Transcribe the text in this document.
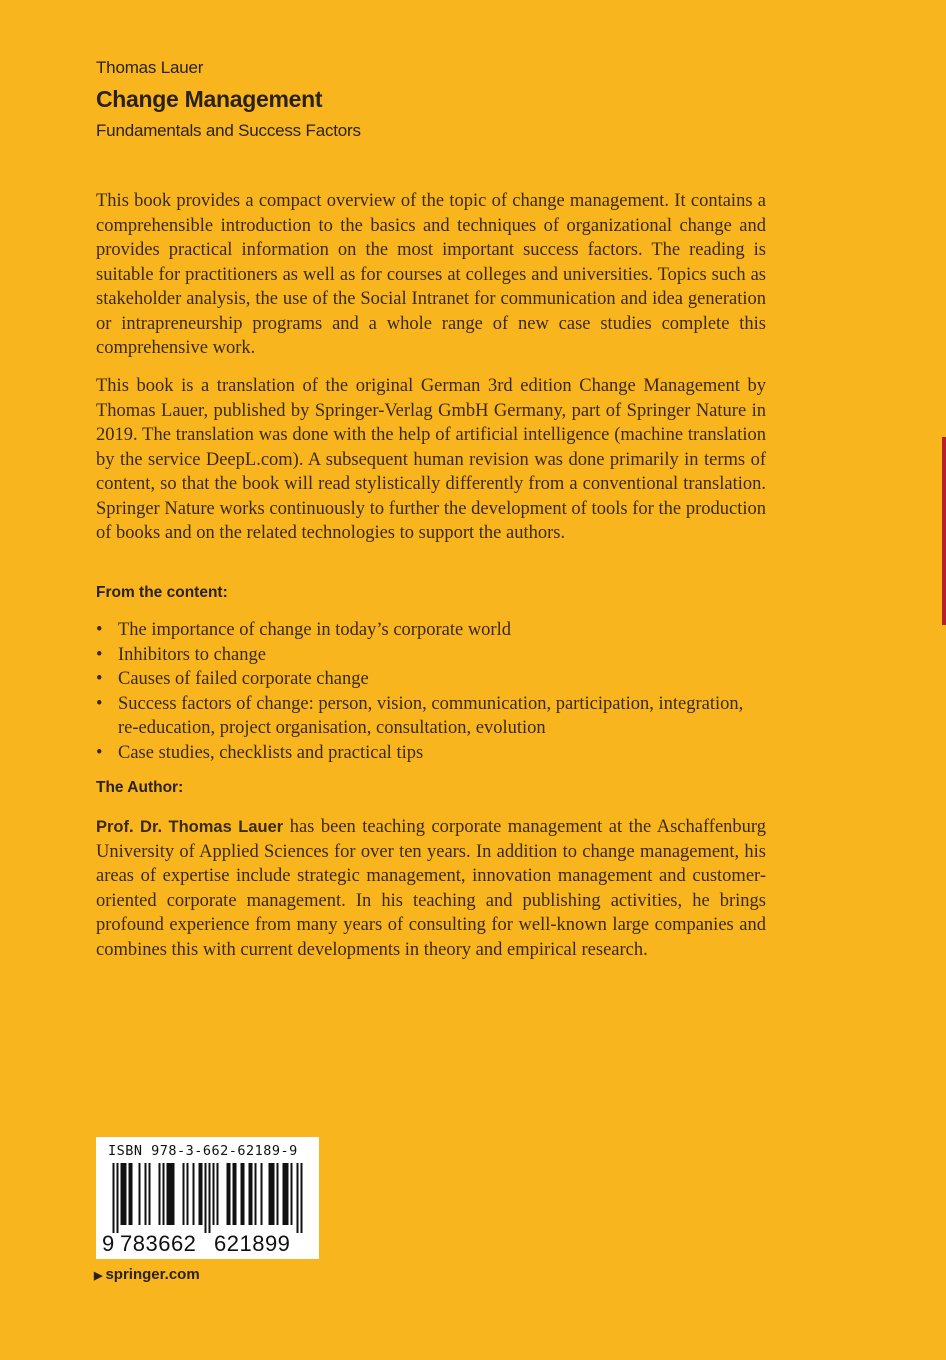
Thomas Lauer
Change Management
Fundamentals and Success Factors

This book provides a compact overview of the topic of change management. It contains a comprehensible introduction to the basics and techniques of organizational change and provides practical information on the most important success factors. The reading is suitable for practitioners as well as for courses at colleges and universities. Topics such as stakeholder analysis, the use of the Social Intranet for communication and idea generation or intrapreneurship programs and a whole range of new case studies complete this comprehensive work.

This book is a translation of the original German 3rd edition Change Management by Thomas Lauer, published by Springer-Verlag GmbH Germany, part of Springer Nature in 2019. The translation was done with the help of artificial intelligence (machine translation by the service DeepL.com). A subsequent human revision was done primarily in terms of content, so that the book will read stylistically differently from a conventional translation. Springer Nature works continuously to further the development of tools for the production of books and on the related technologies to support the authors.

From the content:
• The importance of change in today’s corporate world
• Inhibitors to change
• Causes of failed corporate change
• Success factors of change: person, vision, communication, participation, integration, re-education, project organisation, consultation, evolution
• Case studies, checklists and practical tips
The Author:

Prof. Dr. Thomas Lauer has been teaching corporate management at the Aschaffenburg University of Applied Sciences for over ten years. In addition to change management, his areas of expertise include strategic management, innovation management and customer-oriented corporate management. In his teaching and publishing activities, he brings profound experience from many years of consulting for well-known large companies and combines this with current developments in theory and empirical research.

ISBN 978-3-662-62189-9
9 783662 621899
▶ springer.com
